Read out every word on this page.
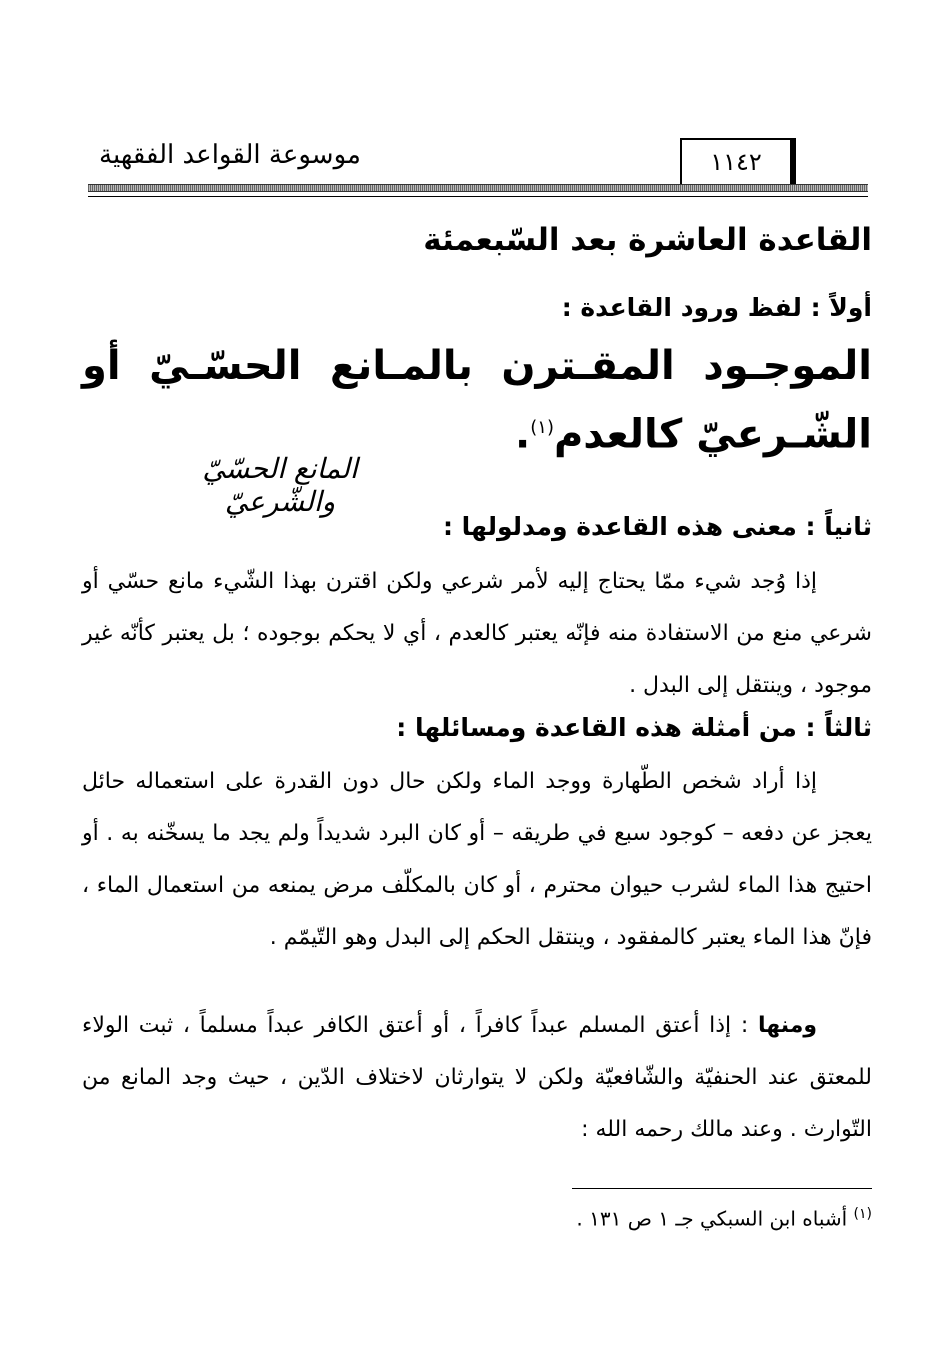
موسوعة القواعد الفقهية	١١٤٢
القاعدة العاشرة بعد السّبعمئة
أولاً : لفظ ورود القاعدة :
الموجـود المقـترن بالمـانع الحسّـيّ أو الشّـرعيّ كالعدم$^{(١)}$.
المانع الحسّيّ والشّرعيّ
ثانياً : معنى هذه القاعدة ومدلولها :
إذا وُجد شيء ممّا يحتاج إليه لأمر شرعي ولكن اقترن بهذا الشّيء مانع حسّي أو شرعي منع من الاستفادة منه فإنّه يعتبر كالعدم ، أي لا يحكم بوجوده ؛ بل يعتبر كأنّه غير موجود ، وينتقل إلى البدل .
ثالثاً : من أمثلة هذه القاعدة ومسائلها :
إذا أراد شخص الطّهارة ووجد الماء ولكن حال دون القدرة على استعماله حائل يعجز عن دفعه – كوجود سبع في طريقه – أو كان البرد شديداً ولم يجد ما يسخّنه به . أو احتيج هذا الماء لشرب حيوان محترم ، أو كان بالمكلّف مرض يمنعه من استعمال الماء ، فإنّ هذا الماء يعتبر كالمفقود ، وينتقل الحكم إلى البدل وهو التّيمّم .
ومنها : إذا أعتق المسلم عبداً كافراً ، أو أعتق الكافر عبداً مسلماً ، ثبت الولاء للمعتق عند الحنفيّة والشّافعيّة ولكن لا يتوارثان لاختلاف الدّين ، حيث وجد المانع من التّوارث . وعند مالك رحمه الله :
$^{(١)}$ أشباه ابن السبكي جـ ١ ص ١٣١ .
